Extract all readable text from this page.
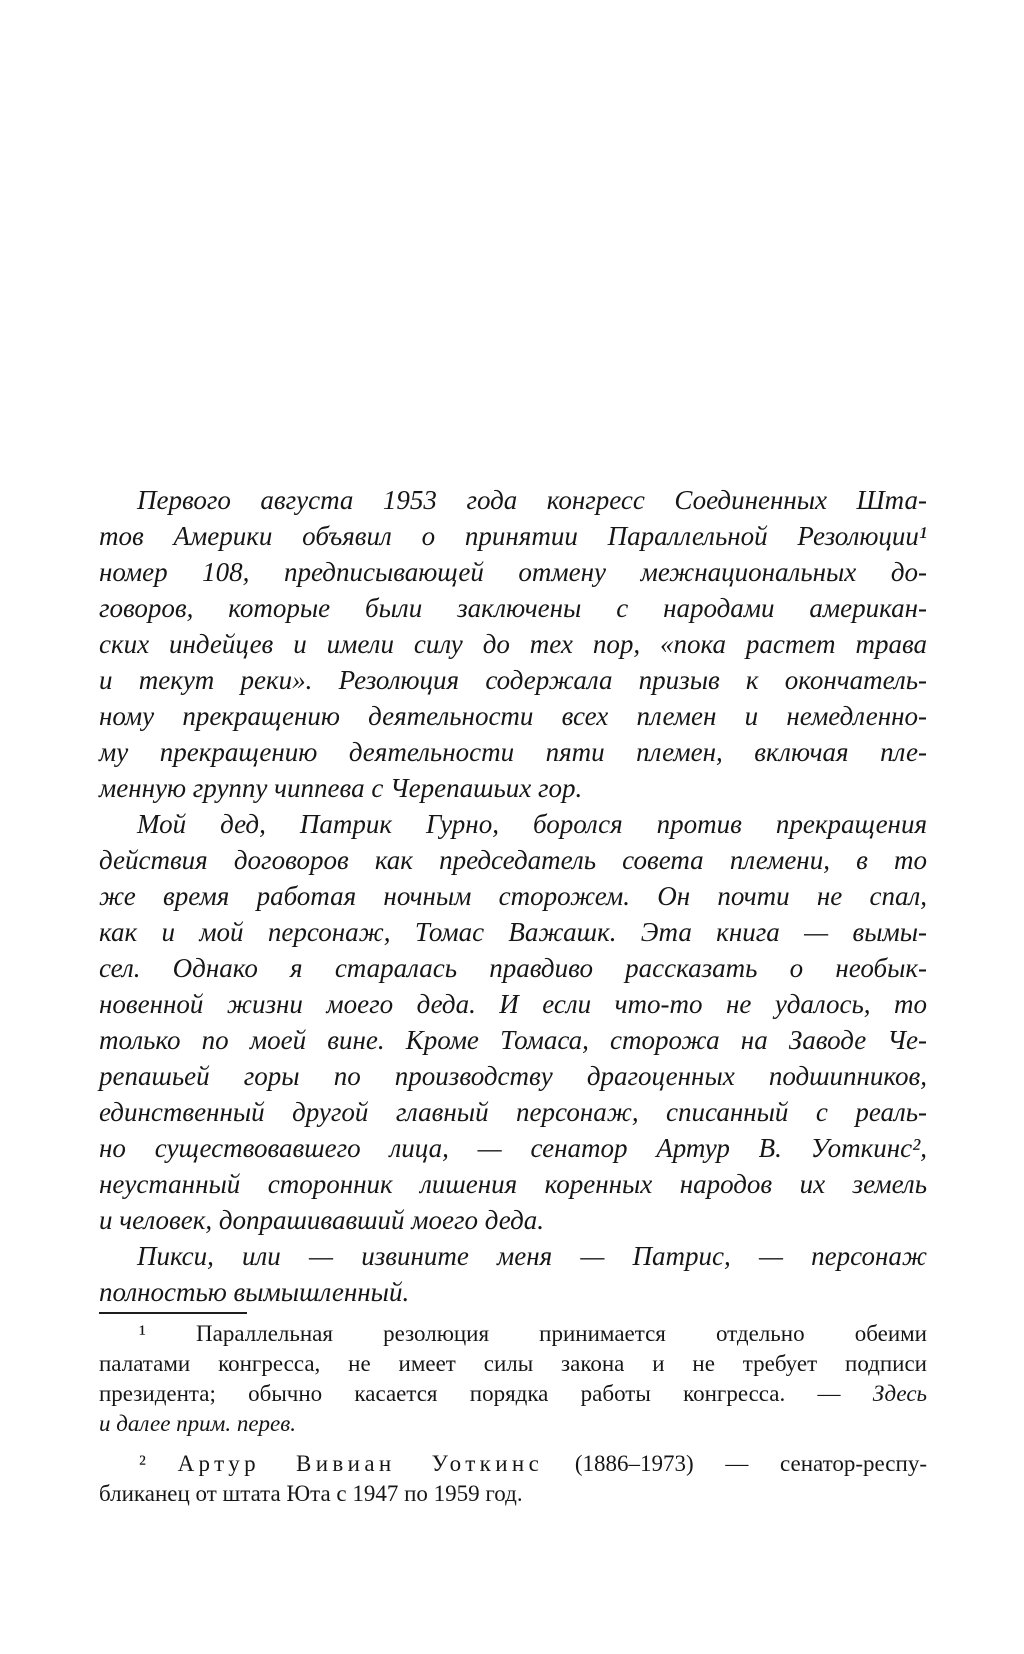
Первого августа 1953 года конгресс Соединенных Шта-
тов Америки объявил о принятии Параллельной Резолюции¹
номер 108, предписывающей отмену межнациональных до-
говоров, которые были заключены с народами американ-
ских индейцев и имели силу до тех пор, «пока растет трава
и текут реки». Резолюция содержала призыв к окончатель-
ному прекращению деятельности всех племен и немедленно-
му прекращению деятельности пяти племен, включая пле-
менную группу чиппева с Черепашьих гор.
Мой дед, Патрик Гурно, боролся против прекращения
действия договоров как председатель совета племени, в то
же время работая ночным сторожем. Он почти не спал,
как и мой персонаж, Томас Важашк. Эта книга — вымы-
сел. Однако я старалась правдиво рассказать о необык-
новенной жизни моего деда. И если что-то не удалось, то
только по моей вине. Кроме Томаса, сторожа на Заводе Че-
репашьей горы по производству драгоценных подшипников,
единственный другой главный персонаж, списанный с реаль-
но существовавшего лица, — сенатор Артур В. Уоткинс²,
неустанный сторонник лишения коренных народов их земель
и человек, допрашивавший моего деда.
Пикси, или — извините меня — Патрис, — персонаж
полностью вымышленный.
¹ Параллельная резолюция принимается отдельно обеими
палатами конгресса, не имеет силы закона и не требует подписи
президента; обычно касается порядка работы конгресса. — Здесь
и далее прим. перев.
² Артур Вивиан Уоткинс (1886–1973) — сенатор-респу-
бликанец от штата Юта с 1947 по 1959 год.
